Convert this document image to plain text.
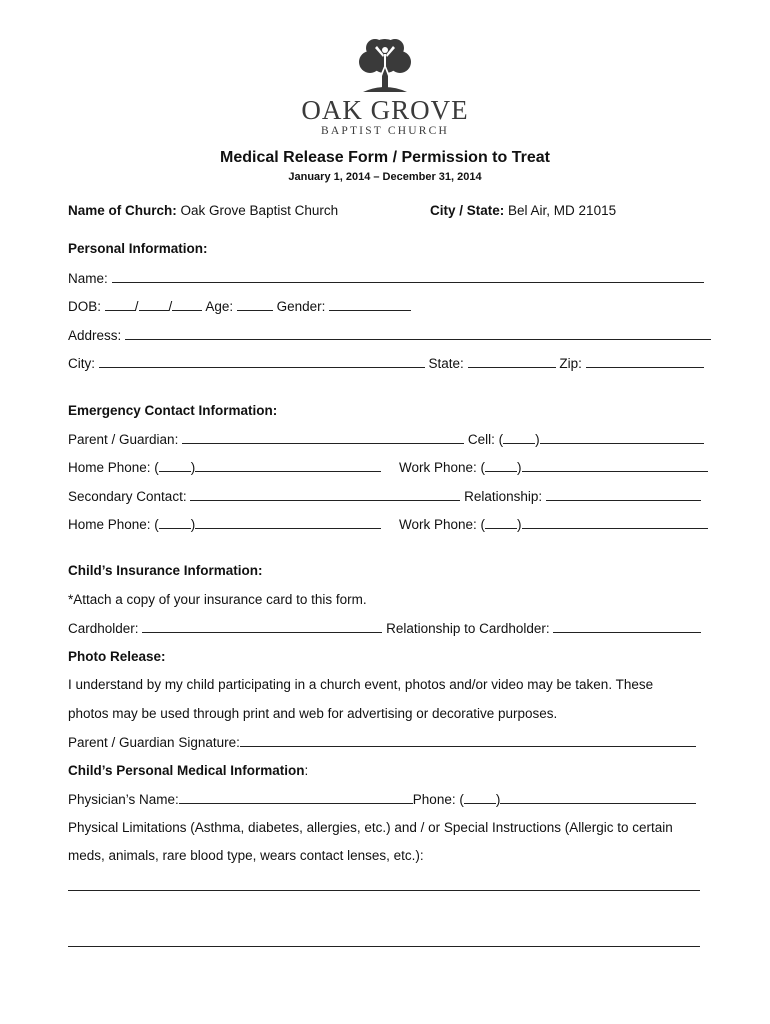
OAK GROVE
BAPTIST CHURCH
Medical Release Form / Permission to Treat
January 1, 2014 – December 31, 2014
Name of Church: Oak Grove Baptist Church	City / State: Bel Air, MD 21015
Personal Information:
Name:
DOB:	/ / Age:	Gender:
Address:
City:	State:	Zip:
Emergency Contact Information:
Parent / Guardian:	Cell: ( )
Home Phone: ( )	Work Phone: ( )
Secondary Contact:	Relationship:
Home Phone: ( )	Work Phone: ( )
Child’s Insurance Information:
*Attach a copy of your insurance card to this form.
Cardholder:	Relationship to Cardholder:
Photo Release:
I understand by my child participating in a church event, photos and/or video may be taken. These
photos may be used through print and web for advertising or decorative purposes.
Parent / Guardian Signature:
Child’s Personal Medical Information:
Physician’s Name:	Phone: ( )
Physical Limitations (Asthma, diabetes, allergies, etc.) and / or Special Instructions (Allergic to certain
meds, animals, rare blood type, wears contact lenses, etc.):
